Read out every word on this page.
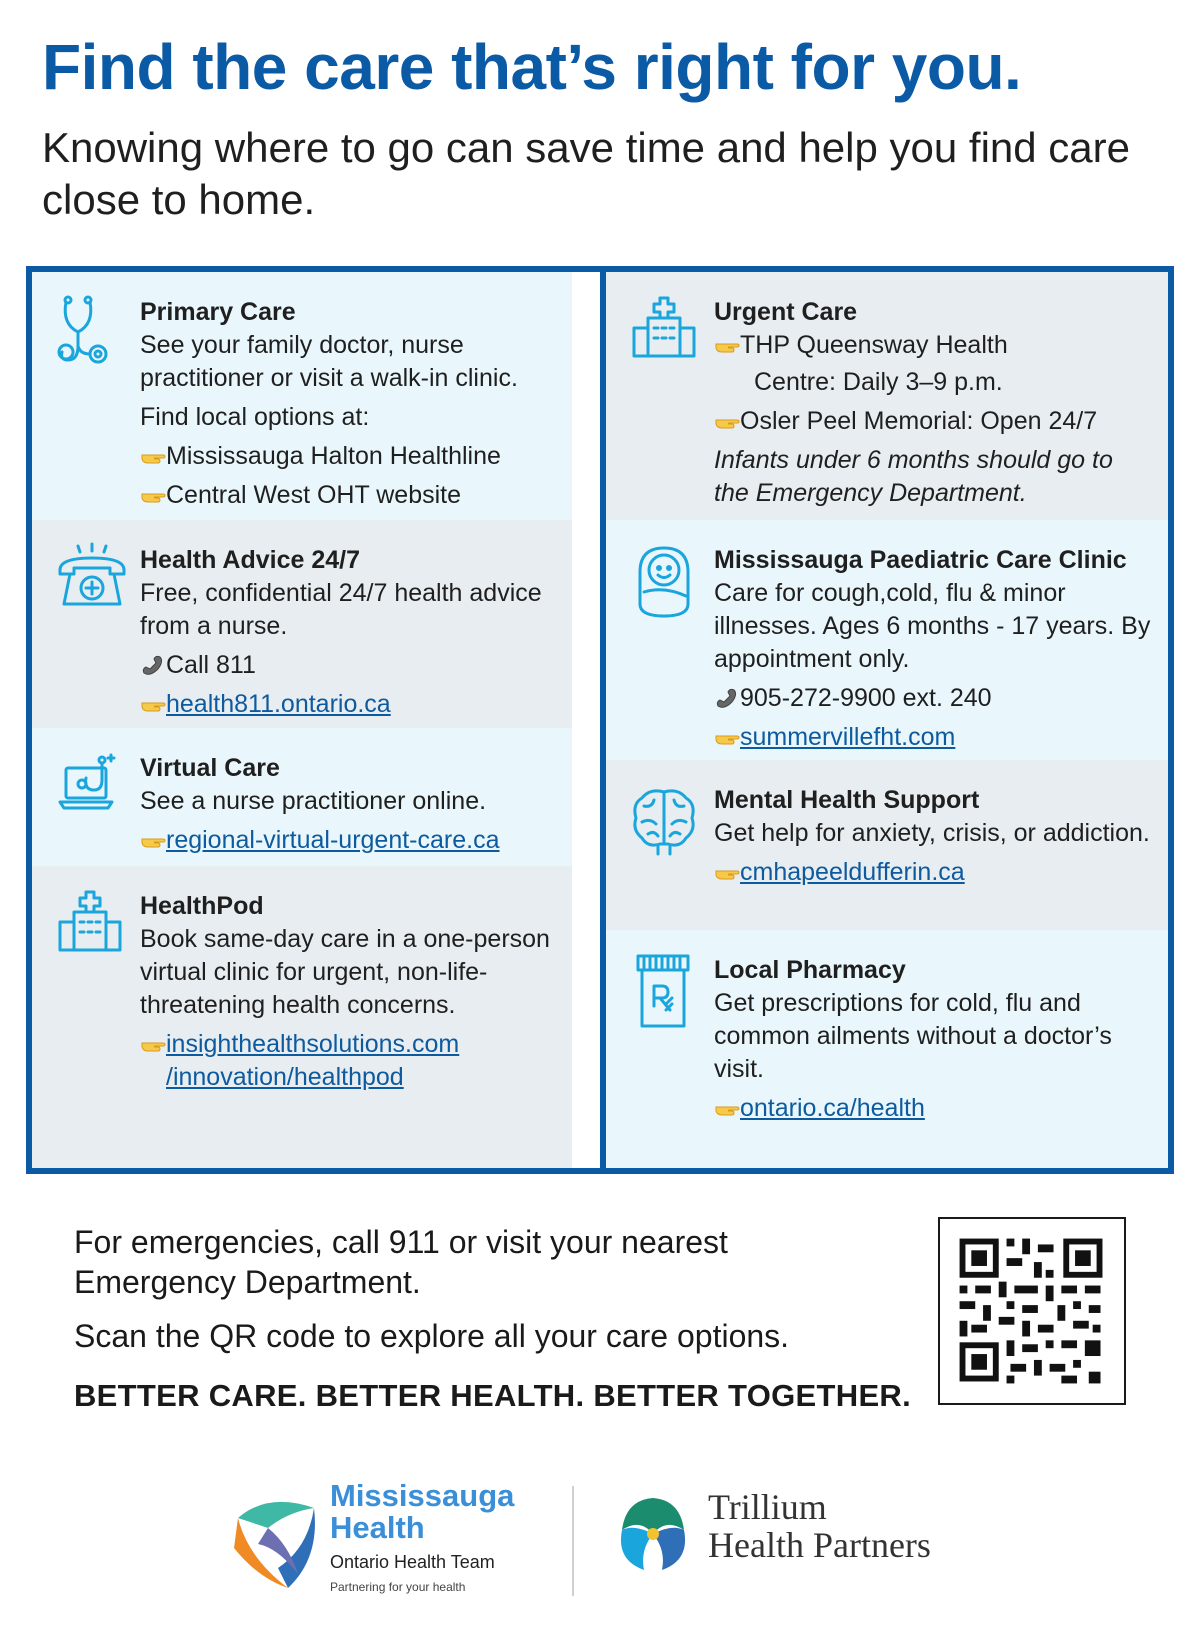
Find the care that’s right for you.
Knowing where to go can save time and help you find care close to home.
Primary Care
See your family doctor, nurse practitioner or visit a walk-in clinic.
Find local options at:
Mississauga Halton Healthline
Central West OHT website
Health Advice 24/7
Free, confidential 24/7 health advice from a nurse.
Call 811
health811.ontario.ca
Virtual Care
See a nurse practitioner online.
regional-virtual-urgent-care.ca
HealthPod
Book same-day care in a one-person virtual clinic for urgent, non-life-threatening health concerns.
insighthealthsolutions.com
/innovation/healthpod
Urgent Care
THP Queensway Health
Centre: Daily 3–9 p.m.
Osler Peel Memorial: Open 24/7
Infants under 6 months should go to the Emergency Department.
Mississauga Paediatric Care Clinic
Care for cough,cold, flu & minor illnesses. Ages 6 months - 17 years. By appointment only.
905-272-9900 ext. 240
summervillefht.com
Mental Health Support
Get help for anxiety, crisis, or addiction.
cmhapeeldufferin.ca
Local Pharmacy
Get prescriptions for cold, flu and common ailments without a doctor’s visit.
ontario.ca/health

For emergencies, call 911 or visit your nearest Emergency Department.

Scan the QR code to explore all your care options.

BETTER CARE. BETTER HEALTH. BETTER TOGETHER.
Mississauga
Health
Ontario Health Team
Partnering for your health
Trillium
Health Partners
